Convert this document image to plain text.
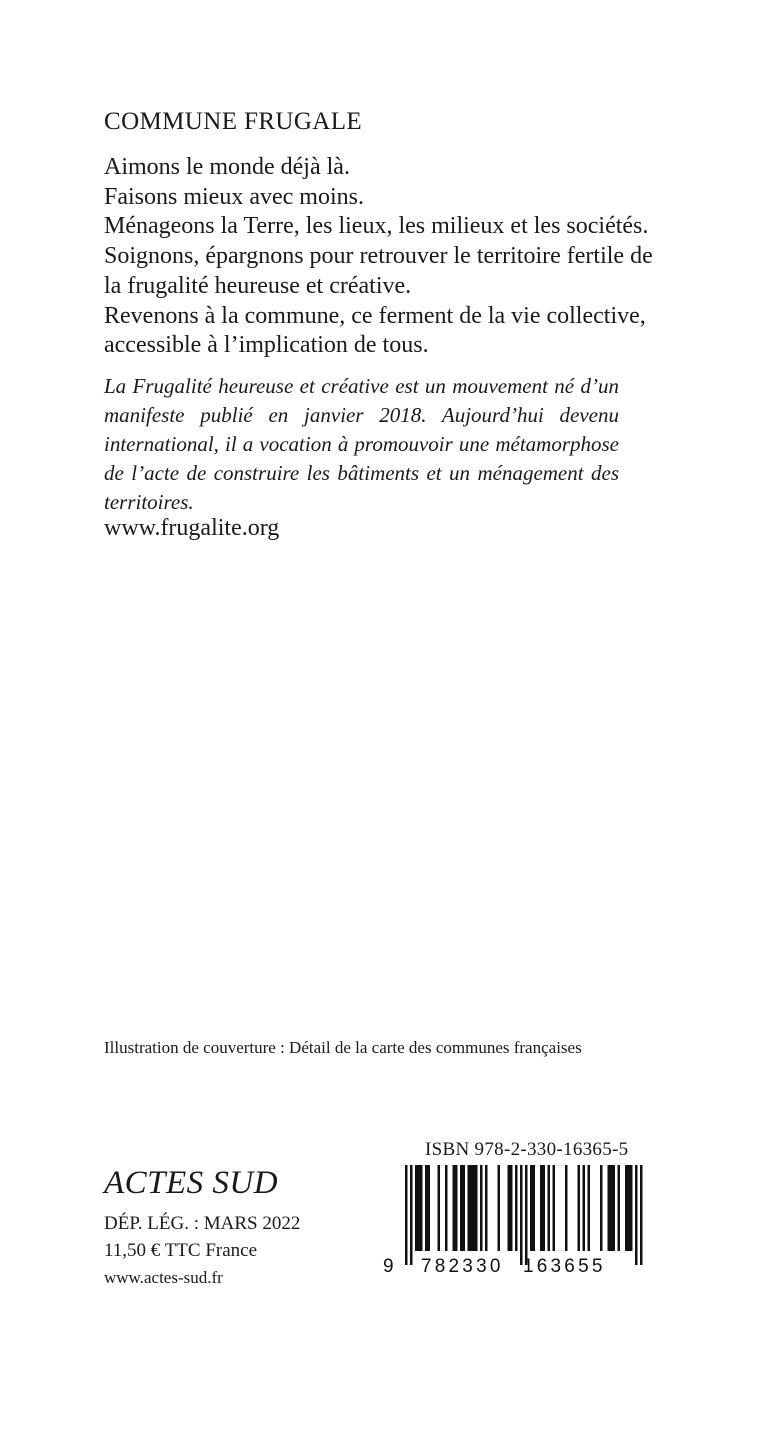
COMMUNE FRUGALE
Aimons le monde déjà là.
Faisons mieux avec moins.
Ménageons la Terre, les lieux, les milieux et les sociétés.
Soignons, épargnons pour retrouver le territoire fertile de
la frugalité heureuse et créative.
Revenons à la commune, ce ferment de la vie collective,
accessible à l’implication de tous.
La Frugalité heureuse et créative est un mouvement né d’un manifeste publié en janvier 2018. Aujourd’hui devenu international, il a vocation à promouvoir une métamorphose de l’acte de construire les bâtiments et un ménagement des territoires.
www.frugalite.org
Illustration de couverture : Détail de la carte des communes françaises
ISBN 978-2-330-16365-5
ACTES SUD
DÉP. LÉG. : MARS 2022
11,50 € TTC France
www.actes-sud.fr
9 782330 163655
